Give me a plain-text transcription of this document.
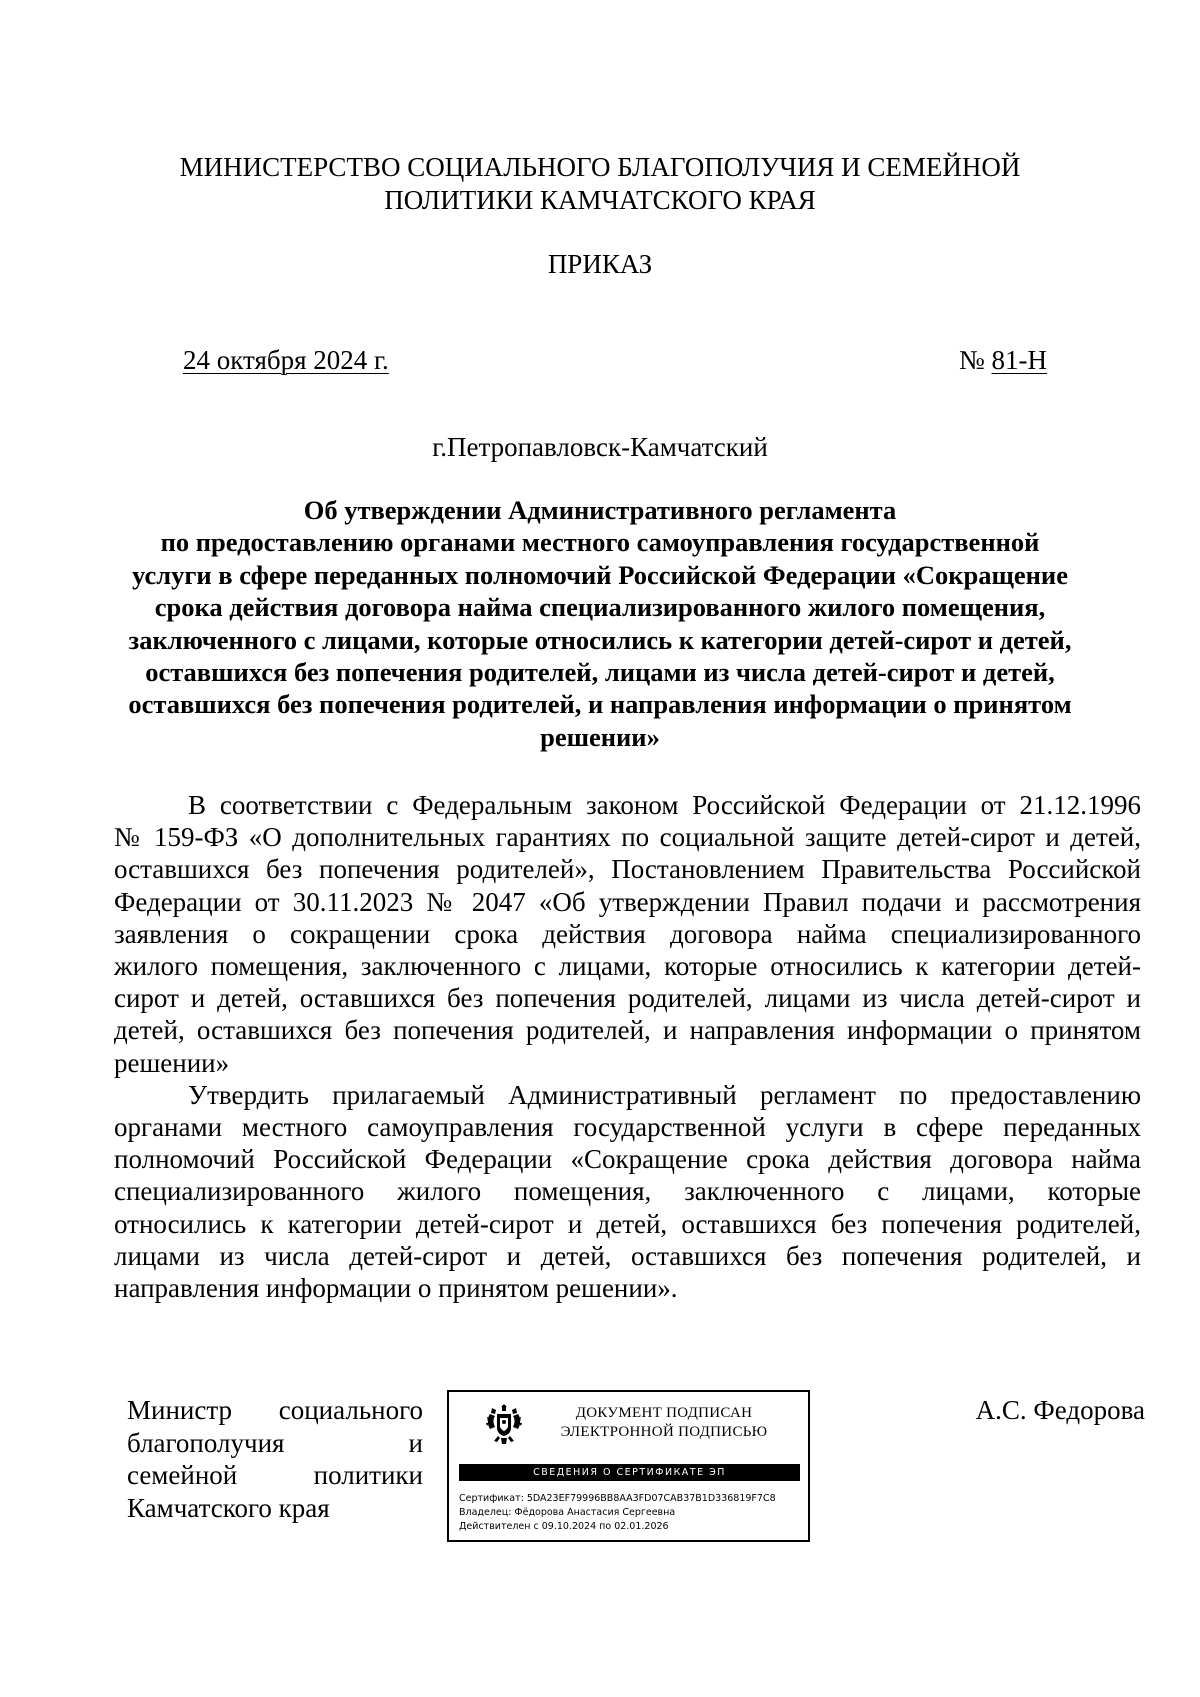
МИНИСТЕРСТВО СОЦИАЛЬНОГО БЛАГОПОЛУЧИЯ И СЕМЕЙНОЙ
ПОЛИТИКИ КАМЧАТСКОГО КРАЯ
ПРИКАЗ
24 октября 2024 г.	№ 81-Н
г.Петропавловск-Камчатский
Об утверждении Административного регламента
по предоставлению органами местного самоуправления государственной
услуги в сфере переданных полномочий Российской Федерации «Сокращение
срока действия договора найма специализированного жилого помещения,
заключенного с лицами, которые относились к категории детей-сирот и детей,
оставшихся без попечения родителей, лицами из числа детей-сирот и детей,
оставшихся без попечения родителей, и направления информации о принятом
решении»
В соответствии с Федеральным законом Российской Федерации от 21.12.1996
№ 159-ФЗ «О дополнительных гарантиях по социальной защите детей-сирот и детей,
оставшихся без попечения родителей», Постановлением Правительства Российской
Федерации от 30.11.2023 № 2047 «Об утверждении Правил подачи и рассмотрения
заявления о сокращении срока действия договора найма специализированного
жилого помещения, заключенного с лицами, которые относились к категории детей-
сирот и детей, оставшихся без попечения родителей, лицами из числа детей-сирот и
детей, оставшихся без попечения родителей, и направления информации о принятом
решении»
Утвердить прилагаемый Административный регламент по предоставлению
органами местного самоуправления государственной услуги в сфере переданных
полномочий Российской Федерации «Сокращение срока действия договора найма
специализированного жилого помещения, заключенного с лицами, которые
относились к категории детей-сирот и детей, оставшихся без попечения родителей,
лицами из числа детей-сирот и детей, оставшихся без попечения родителей, и
направления информации о принятом решении».
Министр социального
благополучия и
семейной политики
Камчатского края
ДОКУМЕНТ ПОДПИСАН
ЭЛЕКТРОННОЙ ПОДПИСЬЮ
СВЕДЕНИЯ О СЕРТИФИКАТЕ ЭП
Сертификат: 5DA23EF79996BB8AA3FD07CAB37B1D336819F7C8
Владелец: Фёдорова Анастасия Сергеевна
Действителен с 09.10.2024 по 02.01.2026
А.С. Федорова
